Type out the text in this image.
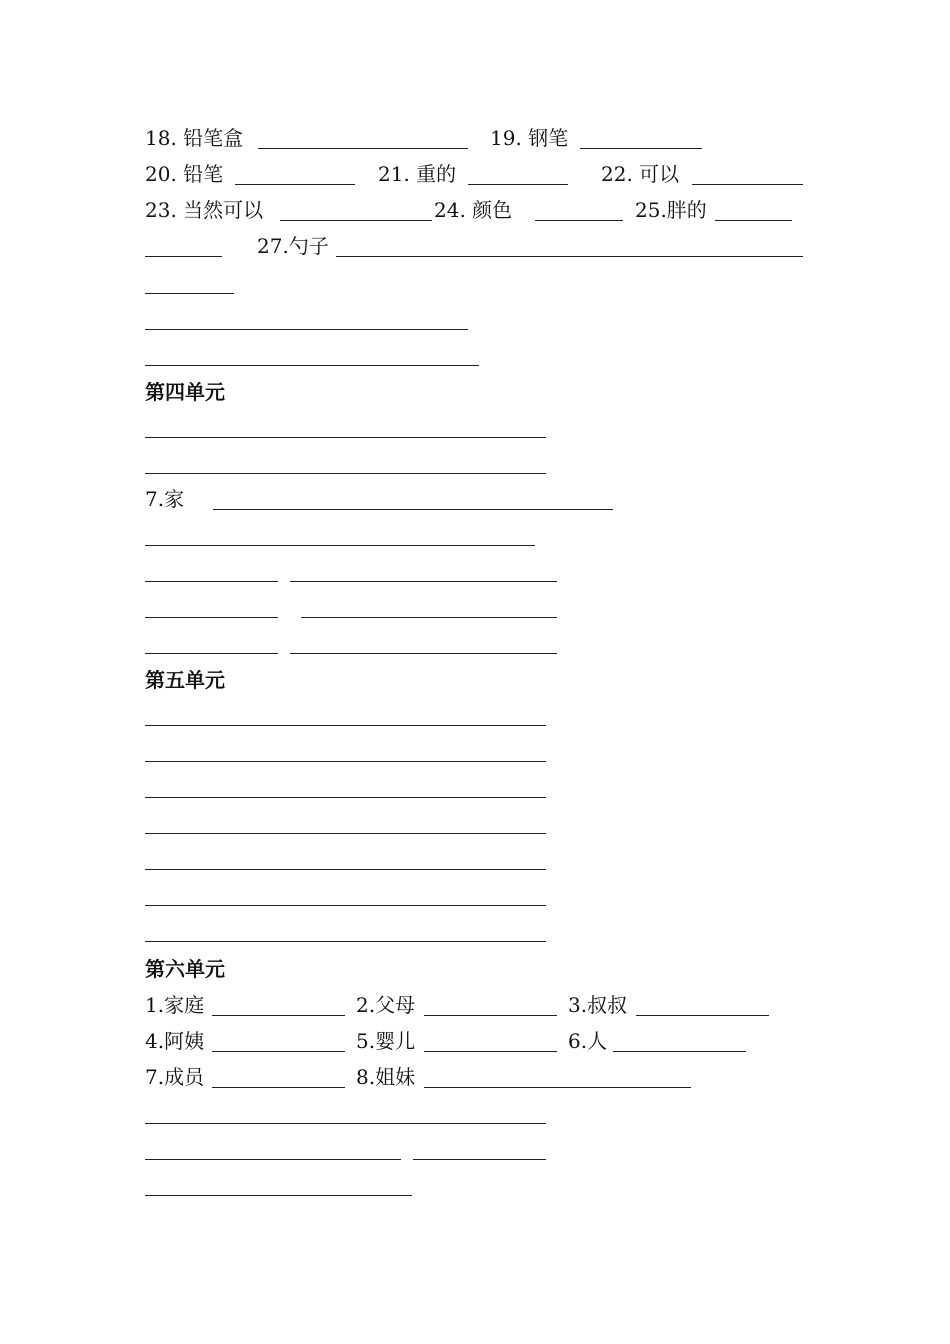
18. 铅笔盒	19. 钢笔
20. 铅笔	21. 重的	22. 可以
23. 当然可以	24. 颜色	25.胖的
27.勺子
第四单元
7.家
第五单元
第六单元
1.家庭	2.父母	3.叔叔
4.阿姨	5.婴儿	6.人
7.成员	8.姐妹
